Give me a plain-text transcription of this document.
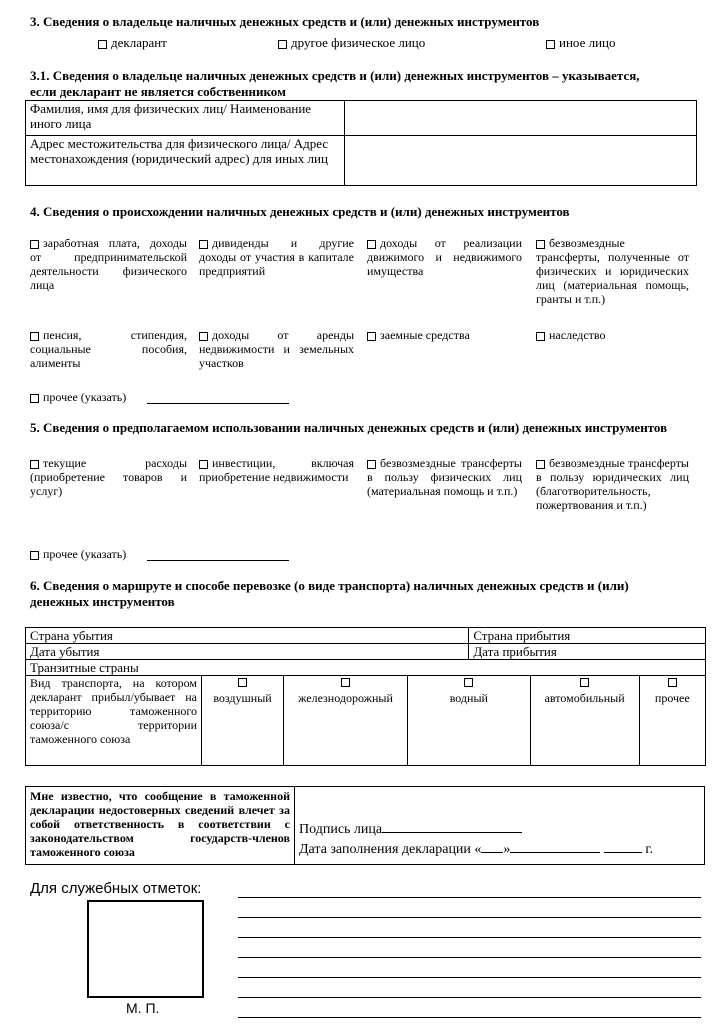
3. Сведения о владельце наличных денежных средств и (или) денежных инструментов
декларант	другое физическое лицо	иное лицо
3.1. Сведения о владельце наличных денежных средств и (или) денежных инструментов – указывается, если декларант не является собственником
Фамилия, имя для физических лиц/ Наименование иного лица	
Адрес местожительства для физического лица/ Адрес местонахождения (юридический адрес) для иных лиц	
4. Сведения о происхождении наличных денежных средств и (или) денежных инструментов
заработная плата, доходы от предпринимательской деятельности физического лица
дивиденды и другие доходы от участия в капитале предприятий
доходы от реализации движимого и недвижимого имущества
безвозмездные трансферты, полученные от физических и юридических лиц (материальная помощь, гранты и т.п.)
пенсия, стипендия, социальные пособия, алименты
доходы от аренды недвижимости и земельных участков
заемные средства	наследство
прочее (указать)
5. Сведения о предполагаемом использовании наличных денежных средств и (или) денежных инструментов
текущие расходы (приобретение товаров и услуг)
инвестиции, включая приобретение недвижимости
безвозмездные трансферты в пользу физических лиц (материальная помощь и т.п.)
безвозмездные трансферты в пользу юридических лиц (благотворительность, пожертвования и т.п.)
прочее (указать)
6. Сведения о маршруте и способе перевозке (о виде транспорта) наличных денежных средств и (или) денежных инструментов
Страна убытия				Страна прибытия		
Дата убытия				Дата прибытия		
Транзитные страны						
Вид транспорта, на котором декларант прибыл/убывает на территорию таможенного союза/с территории таможенного союза	воздушный	железнодорожный	водный		автомобильный	прочее
Мне известно, что сообщение в таможенной декларации недостоверных сведений влечет за собой ответственность в соответствии с законодательством государств-членов таможенного союза	
Подпись лица
Дата заполнения декларации « »	г.
Для служебных отметок:
М. П.
